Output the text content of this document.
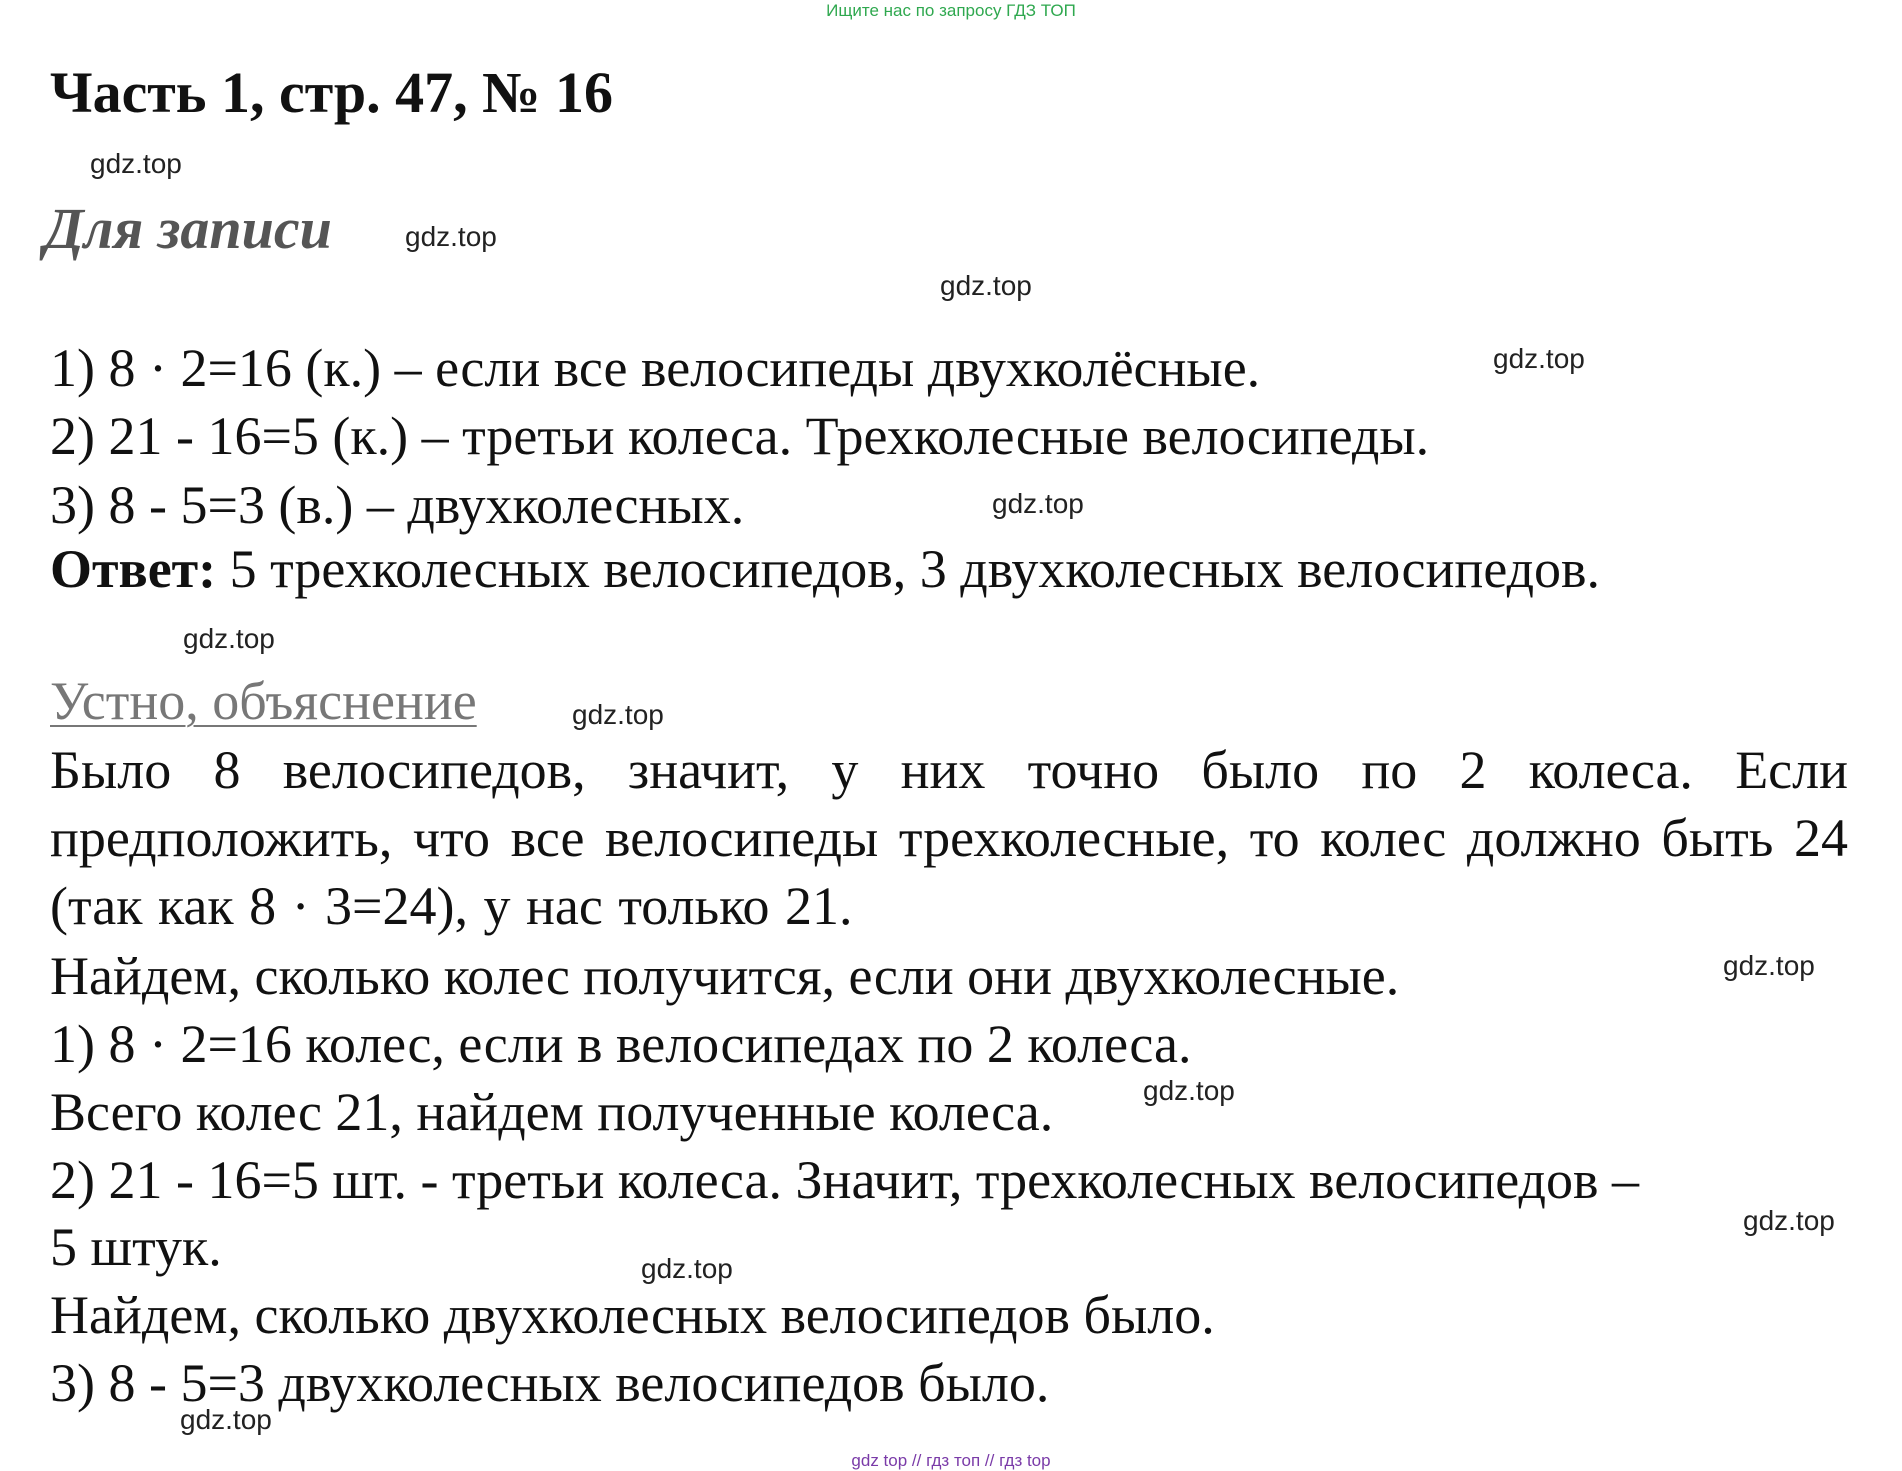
Ищите нас по запросу ГДЗ ТОП
Часть 1, стр. 47, № 16
Для записи
1) 8 · 2=16 (к.) – если все велосипеды двухколёсные.
2) 21 - 16=5 (к.) – третьи колеса. Трехколесные велосипеды.
3) 8 - 5=3 (в.) – двухколесных.
Ответ: 5 трехколесных велосипедов, 3 двухколесных велосипедов.
Устно, объяснение
Было 8 велосипедов, значит, у них точно было по 2 колеса. Если предположить, что все велосипеды трехколесные, то колес должно быть 24 (так как 8 · 3=24), у нас только 21.
Найдем, сколько колес получится, если они двухколесные.
1) 8 · 2=16 колес, если в велосипедах по 2 колеса.
Всего колес 21, найдем полученные колеса.
2) 21 - 16=5 шт. - третьи колеса. Значит, трехколесных велосипедов –
5 штук.
Найдем, сколько двухколесных велосипедов было.
3) 8 - 5=3 двухколесных велосипедов было.
gdz.top
gdz.top
gdz.top
gdz.top
gdz.top
gdz.top
gdz.top
gdz.top
gdz.top
gdz.top
gdz.top
gdz.top
gdz top // гдз топ // гдз top
